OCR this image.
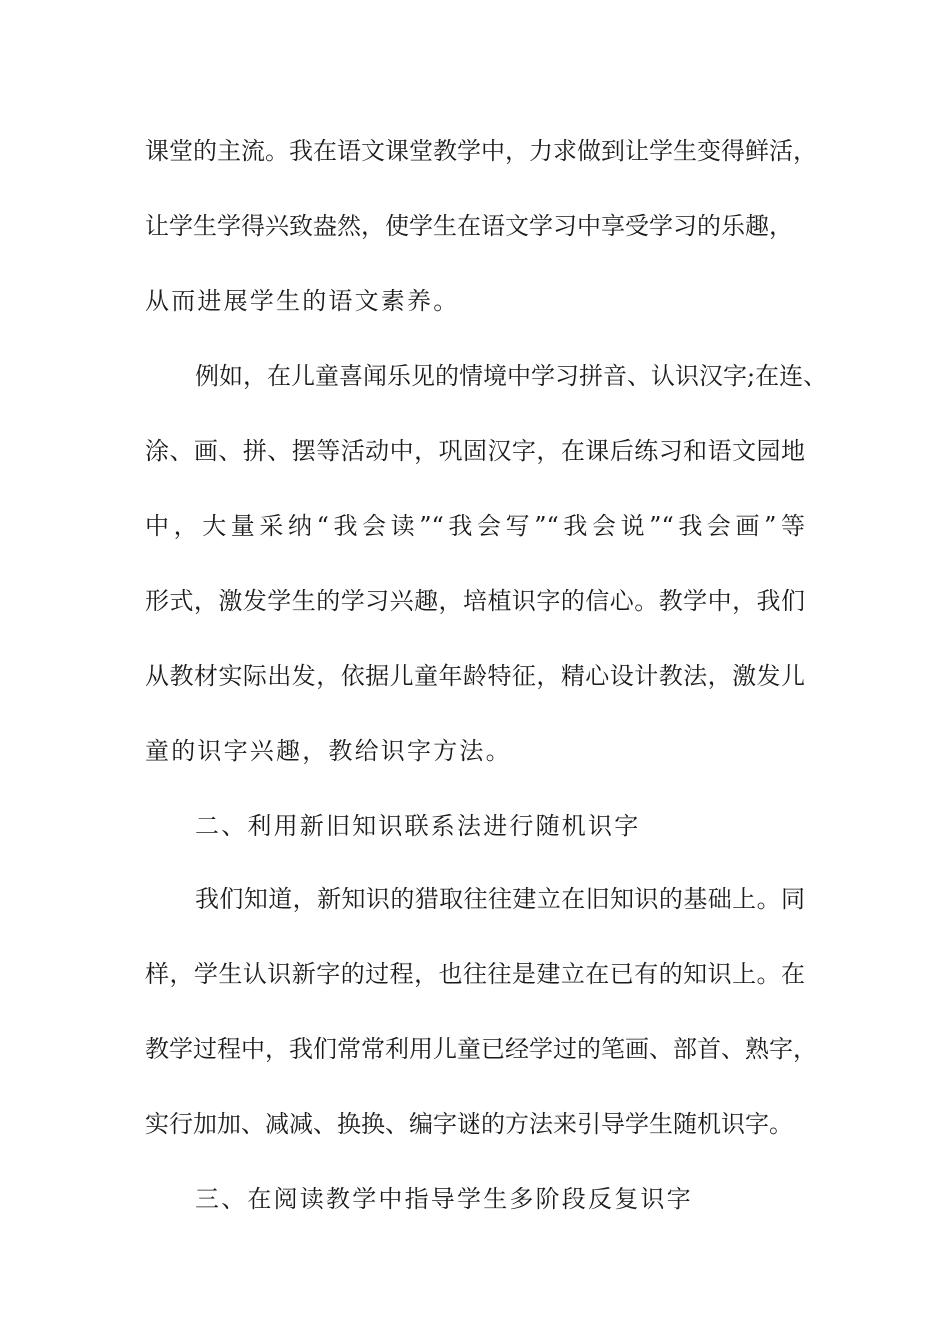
课堂的主流。我在语文课堂教学中，力求做到让学生变得鲜活，
让学生学得兴致盎然，使学生在语文学习中享受学习的乐趣，
从而进展学生的语文素养。
例如，在儿童喜闻乐见的情境中学习拼音、认识汉字;在连、
涂、画、拼、摆等活动中，巩固汉字，在课后练习和语文园地
中，大量采纳“我会读”“我会写”“我会说”“我会画”等
形式，激发学生的学习兴趣，培植识字的信心。教学中，我们
从教材实际出发，依据儿童年龄特征，精心设计教法，激发儿
童的识字兴趣，教给识字方法。
二、利用新旧知识联系法进行随机识字
我们知道，新知识的猎取往往建立在旧知识的基础上。同
样，学生认识新字的过程，也往往是建立在已有的知识上。在
教学过程中，我们常常利用儿童已经学过的笔画、部首、熟字，
实行加加、减减、换换、编字谜的方法来引导学生随机识字。
三、在阅读教学中指导学生多阶段反复识字
